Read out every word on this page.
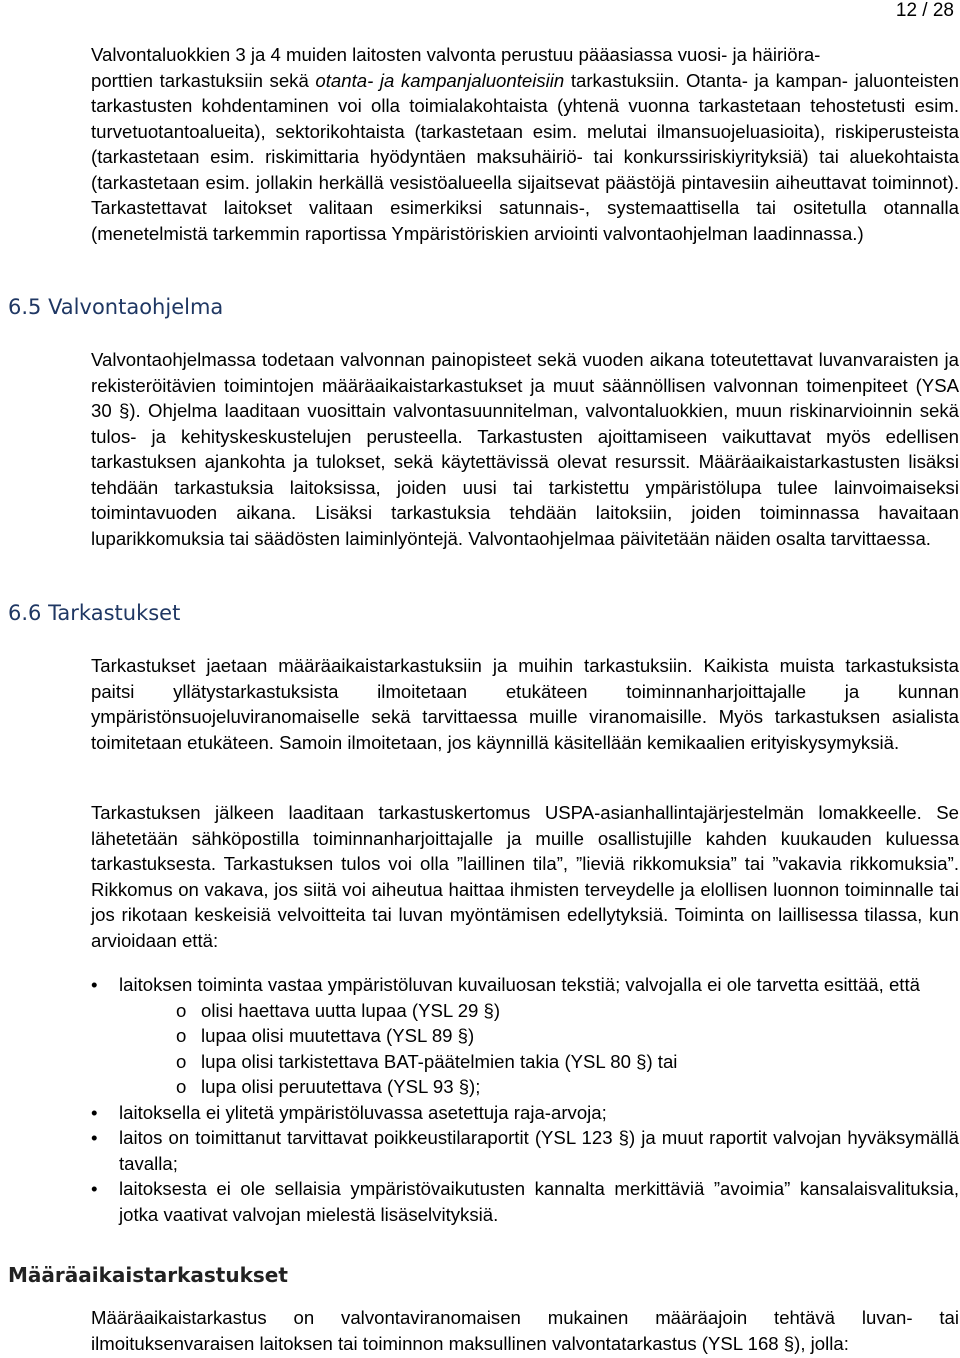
12 / 28

Valvontaluokkien 3 ja 4 muiden laitosten valvonta perustuu pääasiassa vuosi- ja häiriöra-
porttien tarkastuksiin sekä otanta- ja kampanjaluonteisiin tarkastuksiin. Otanta- ja kampan- jaluonteisten tarkastusten kohdentaminen voi olla toimialakohtaista (yhtenä vuonna tarkastetaan tehostetusti esim. turvetuotantoalueita), sektorikohtaista (tarkastetaan esim. melutai ilmansuojeluasioita), riskiperusteista (tarkastetaan esim. riskimittaria hyödyntäen maksuhäiriö- tai konkurssiriskiyrityksiä) tai aluekohtaista (tarkastetaan esim. jollakin herkällä vesistöalueella sijaitsevat päästöjä pintavesiin aiheuttavat toiminnot). Tarkastettavat laitokset valitaan esimerkiksi satunnais-, systemaattisella tai ositetulla otannalla (menetelmistä tarkemmin raportissa Ympäristöriskien arviointi valvontaohjelman laadinnassa.)

6.5 Valvontaohjelma

Valvontaohjelmassa todetaan valvonnan painopisteet sekä vuoden aikana toteutettavat luvanvaraisten ja rekisteröitävien toimintojen määräaikaistarkastukset ja muut säännöllisen valvonnan toimenpiteet (YSA 30 §). Ohjelma laaditaan vuosittain valvontasuunnitelman, valvontaluokkien, muun riskinarvioinnin sekä tulos- ja kehityskeskustelujen perusteella. Tarkastusten ajoittamiseen vaikuttavat myös edellisen tarkastuksen ajankohta ja tulokset, sekä käytettävissä olevat resurssit. Määräaikaistarkastusten lisäksi tehdään tarkastuksia laitoksissa, joiden uusi tai tarkistettu ympäristölupa tulee lainvoimaiseksi toimintavuoden aikana. Lisäksi tarkastuksia tehdään laitoksiin, joiden toiminnassa havaitaan luparikkomuksia tai säädösten laiminlyöntejä. Valvontaohjelmaa päivitetään näiden osalta tarvittaessa.

6.6 Tarkastukset

Tarkastukset jaetaan määräaikaistarkastuksiin ja muihin tarkastuksiin. Kaikista muista tarkastuksista paitsi yllätystarkastuksista ilmoitetaan etukäteen toiminnanharjoittajalle ja kunnan ympäristönsuojeluviranomaiselle sekä tarvittaessa muille viranomaisille. Myös tarkastuksen asialista toimitetaan etukäteen. Samoin ilmoitetaan, jos käynnillä käsitellään kemikaalien erityiskysymyksiä.

Tarkastuksen jälkeen laaditaan tarkastuskertomus USPA-asianhallintajärjestelmän lomakkeelle. Se lähetetään sähköpostilla toiminnanharjoittajalle ja muille osallistujille kahden kuukauden kuluessa tarkastuksesta. Tarkastuksen tulos voi olla ”laillinen tila”, ”lieviä rikkomuksia” tai ”vakavia rikkomuksia”. Rikkomus on vakava, jos siitä voi aiheutua haittaa ihmisten terveydelle ja elollisen luonnon toiminnalle tai jos rikotaan keskeisiä velvoitteita tai luvan myöntämisen edellytyksiä. Toiminta on laillisessa tilassa, kun arvioidaan että:

•	laitoksen toiminta vastaa ympäristöluvan kuvailuosan tekstiä; valvojalla ei ole tarvetta esittää, että
o olisi haettava uutta lupaa (YSL 29 §)
o lupaa olisi muutettava (YSL 89 §)
o lupa olisi tarkistettava BAT-päätelmien takia (YSL 80 §) tai
o lupa olisi peruutettava (YSL 93 §);
•	laitoksella ei ylitetä ympäristöluvassa asetettuja raja-arvoja;
•	laitos on toimittanut tarvittavat poikkeustilaraportit (YSL 123 §) ja muut raportit valvojan hyväksymällä tavalla;
•	laitoksesta ei ole sellaisia ympäristövaikutusten kannalta merkittäviä ”avoimia” kansalaisvalituksia, jotka vaativat valvojan mielestä lisäselvityksiä.
Määräaikaistarkastukset

Määräaikaistarkastus on valvontaviranomaisen mukainen määräajoin tehtävä luvan- tai ilmoituksenvaraisen laitoksen tai toiminnon maksullinen valvontatarkastus (YSL 168 §), jolla:
